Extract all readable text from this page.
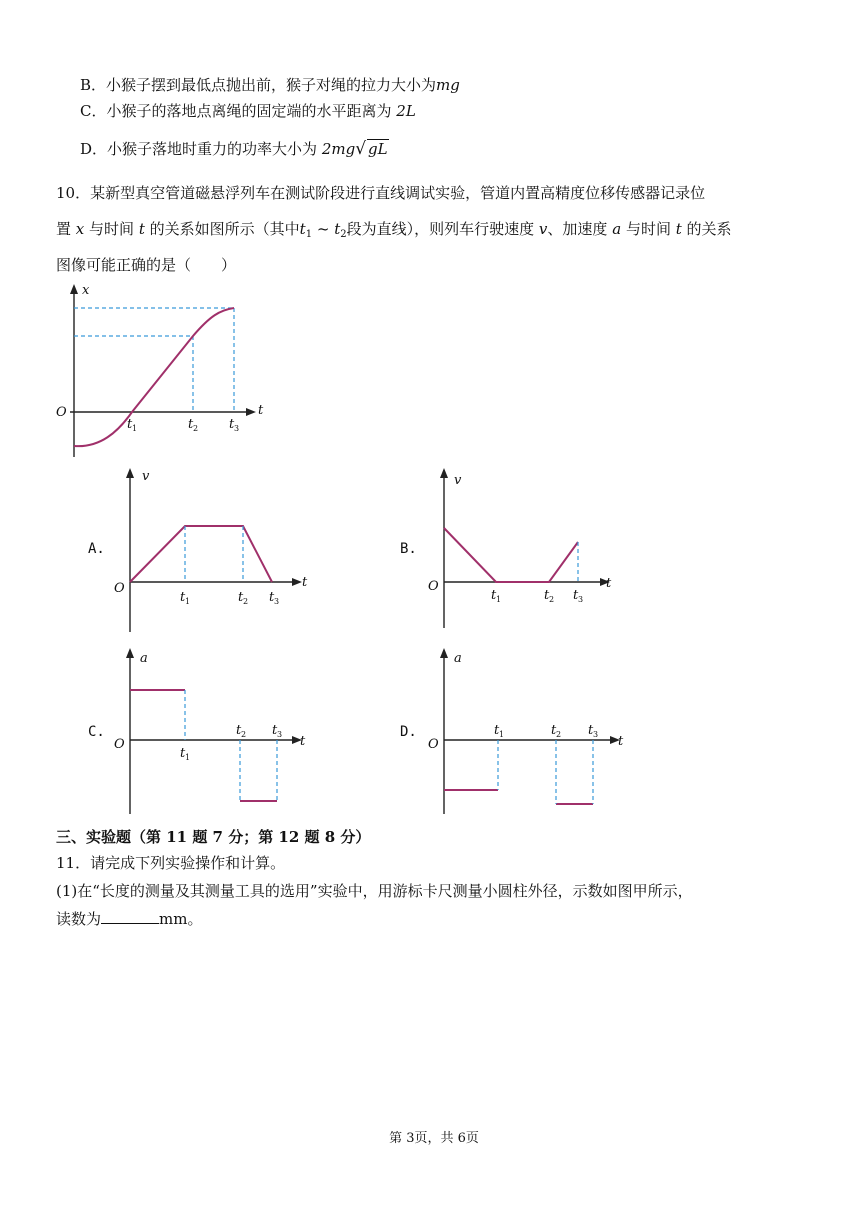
B．小猴子摆到最低点抛出前，猴子对绳的拉力大小为mg
C．小猴子的落地点离绳的固定端的水平距离为 2L
D．小猴子落地时重力的功率大小为 2mg√ gL
10．某新型真空管道磁悬浮列车在测试阶段进行直线调试实验，管道内置高精度位移传感器记录位
置 x 与时间 t 的关系如图所示（其中$t_1$ ~ $t_2$段为直线），则列车行驶速度 v、加速度 a 与时间 t 的关系
图像可能正确的是（　　）
x
O	t
t 1	t 2 t 3
A.
v
O	t
t 1	t 2 t 3
B.
v
O	t
t 1	t 2 t 3
C.
a
O	t
t 1
t 2 t 3	D.
a
O	t
t 1	t 2 t 3
三、实验题（第 11 题 7 分；第 12 题 8 分）
11．请完成下列实验操作和计算。
(1)在“长度的测量及其测量工具的选用”实验中，用游标卡尺测量小圆柱外径，示数如图甲所示，
读数为	mm。
第 3页，共 6页
